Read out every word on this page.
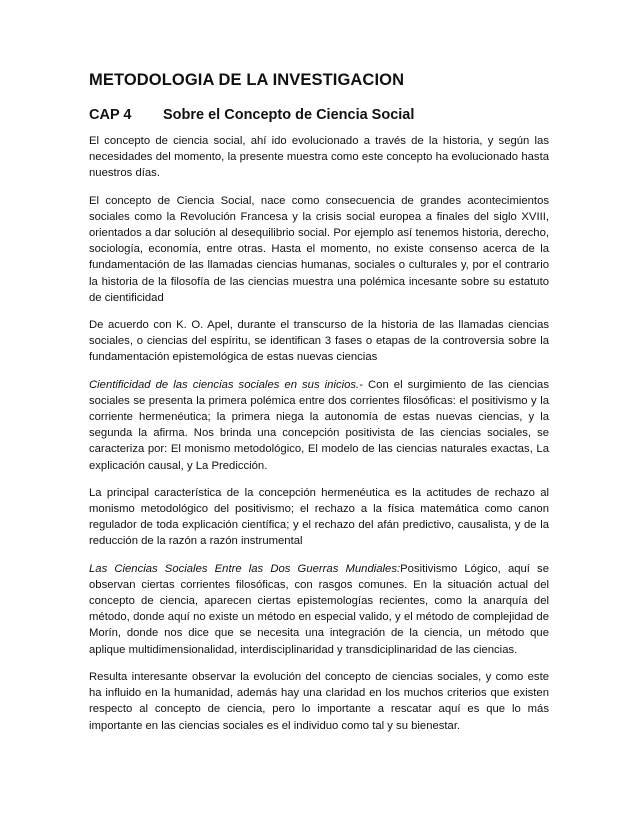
METODOLOGIA DE LA INVESTIGACION
CAP 4	Sobre el Concepto de Ciencia Social

El concepto de ciencia social, ahí ido evolucionado a través de la historia, y según las necesidades del momento, la presente muestra como este concepto ha evolucionado hasta nuestros días.

El concepto de Ciencia Social, nace como consecuencia de grandes acontecimientos sociales como la Revolución Francesa y la crisis social europea a finales del siglo XVIII, orientados a dar solución al desequilibrio social. Por ejemplo así tenemos historia, derecho, sociología, economía, entre otras. Hasta el momento, no existe consenso acerca de la fundamentación de las llamadas ciencias humanas, sociales o culturales y, por el contrario la historia de la filosofía de las ciencias muestra una polémica incesante sobre su estatuto de cientificidad

De acuerdo con K. O. Apel, durante el transcurso de la historia de las llamadas ciencias sociales, o ciencias del espíritu, se identifican 3 fases o etapas de la controversia sobre la fundamentación epistemológica de estas nuevas ciencias

Cientificidad de las ciencias sociales en sus inicios.- Con el surgimiento de las ciencias sociales se presenta la primera polémica entre dos corrientes filosóficas: el positivismo y la corriente hermenéutica; la primera niega la autonomía de estas nuevas ciencias, y la segunda la afirma. Nos brinda una concepción positivista de las ciencias sociales, se caracteriza por: El monismo metodológico, El modelo de las ciencias naturales exactas, La explicación causal, y La Predicción.

La principal característica de la concepción hermenéutica es la actitudes de rechazo al monismo metodológico del positivismo; el rechazo a la física matemática como canon regulador de toda explicación científica; y el rechazo del afán predictivo, causalista, y de la reducción de la razón a razón instrumental

Las Ciencias Sociales Entre las Dos Guerras Mundiales:Positivismo Lógico, aquí se observan ciertas corrientes filosóficas, con rasgos comunes. En la situación actual del concepto de ciencia, aparecen ciertas epistemologías recientes, como la anarquía del método, donde aquí no existe un método en especial valido, y el método de complejidad de Morín, donde nos dice que se necesita una integración de la ciencia, un método que aplique multidimensionalidad, interdisciplinaridad y transdiciplinaridad de las ciencias.

Resulta interesante observar la evolución del concepto de ciencias sociales, y como este ha influido en la humanidad, además hay una claridad en los muchos criterios que existen respecto al concepto de ciencia, pero lo importante a rescatar aquí es que lo más importante en las ciencias sociales es el individuo como tal y su bienestar.
